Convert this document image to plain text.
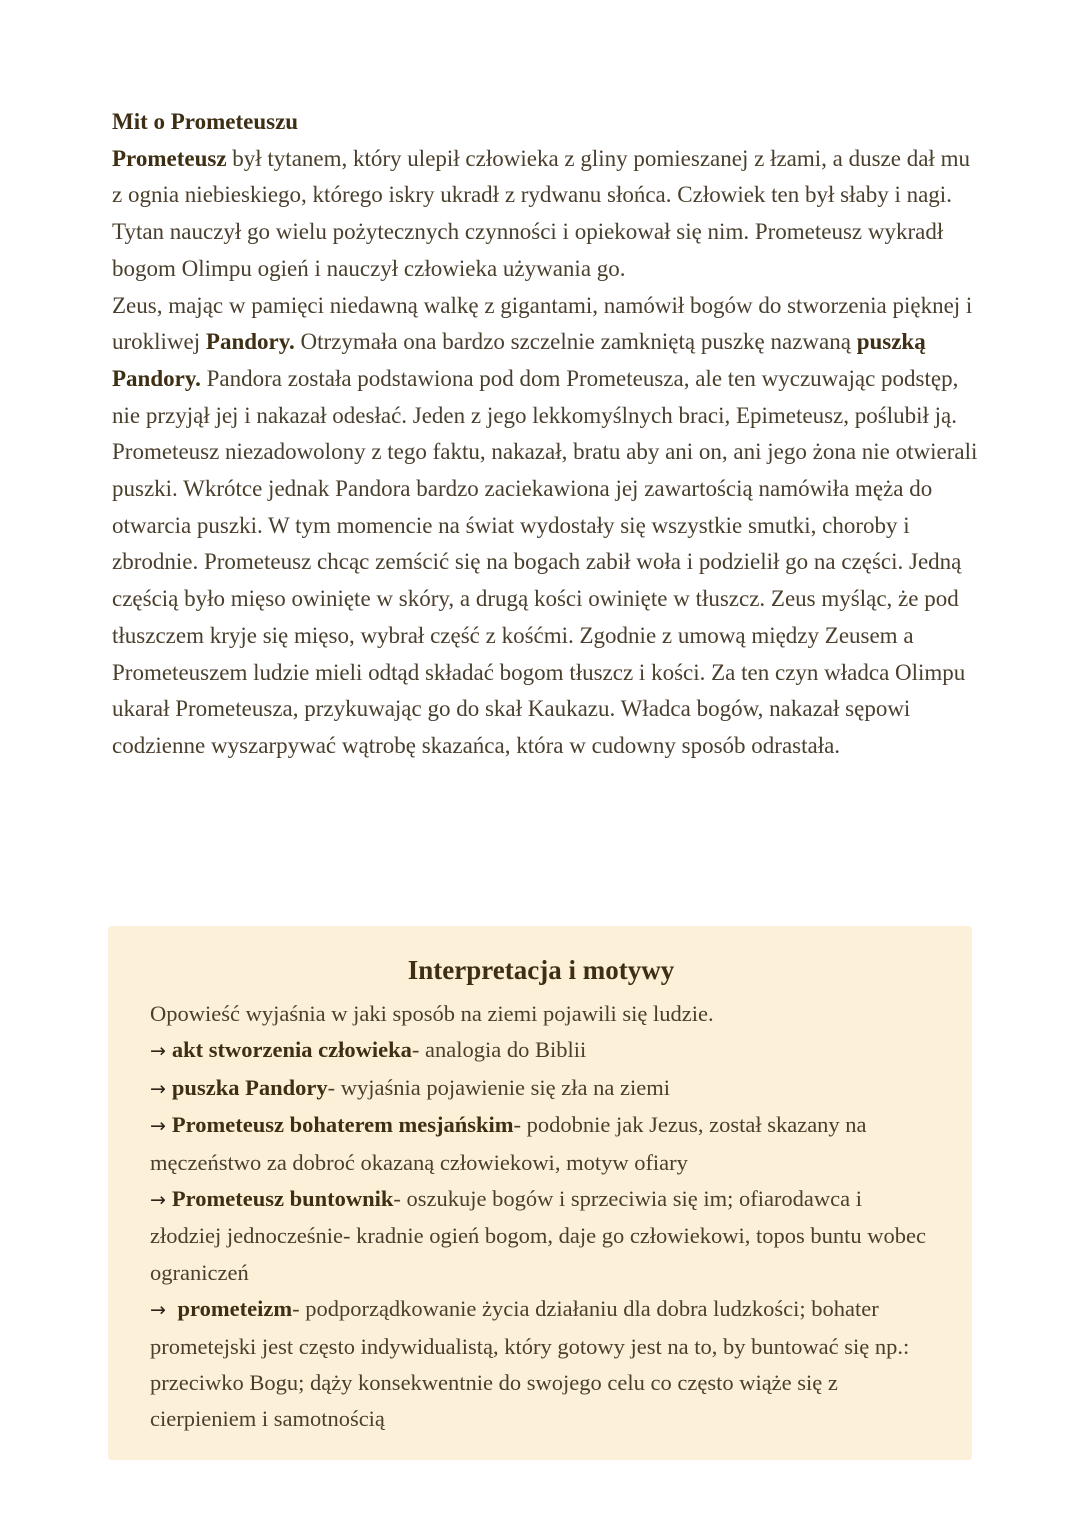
Mit o Prometeuszu

Prometeusz był tytanem, który ulepił człowieka z gliny pomieszanej z łzami, a dusze dał mu z ognia niebieskiego, którego iskry ukradł z rydwanu słońca. Człowiek ten był słaby i nagi. Tytan nauczył go wielu pożytecznych czynności i opiekował się nim. Prometeusz wykradł bogom Olimpu ogień i nauczył człowieka używania go.

Zeus, mając w pamięci niedawną walkę z gigantami, namówił bogów do stworzenia pięknej i urokliwej Pandory. Otrzymała ona bardzo szczelnie zamkniętą puszkę nazwaną puszką Pandory. Pandora została podstawiona pod dom Prometeusza, ale ten wyczuwając podstęp, nie przyjął jej i nakazał odesłać. Jeden z jego lekkomyślnych braci, Epimeteusz, poślubił ją. Prometeusz niezadowolony z tego faktu, nakazał, bratu aby ani on, ani jego żona nie otwierali puszki. Wkrótce jednak Pandora bardzo zaciekawiona jej zawartością namówiła męża do otwarcia puszki. W tym momencie na świat wydostały się wszystkie smutki, choroby i zbrodnie. Prometeusz chcąc zemścić się na bogach zabił woła i podzielił go na części. Jedną częścią było mięso owinięte w skóry, a drugą kości owinięte w tłuszcz. Zeus myśląc, że pod tłuszczem kryje się mięso, wybrał część z kośćmi. Zgodnie z umową między Zeusem a Prometeuszem ludzie mieli odtąd składać bogom tłuszcz i kości. Za ten czyn władca Olimpu ukarał Prometeusza, przykuwając go do skał Kaukazu. Władca bogów, nakazał sępowi codzienne wyszarpywać wątrobę skazańca, która w cudowny sposób odrastała.

Interpretacja i motywy

Opowieść wyjaśnia w jaki sposób na ziemi pojawili się ludzie.

→ akt stworzenia człowieka- analogia do Biblii

→ puszka Pandory- wyjaśnia pojawienie się zła na ziemi

→ Prometeusz bohaterem mesjańskim- podobnie jak Jezus, został skazany na męczeństwo za dobroć okazaną człowiekowi, motyw ofiary

→ Prometeusz buntownik- oszukuje bogów i sprzeciwia się im; ofiarodawca i złodziej jednocześnie- kradnie ogień bogom, daje go człowiekowi, topos buntu wobec ograniczeń

→ prometeizm- podporządkowanie życia działaniu dla dobra ludzkości; bohater prometejski jest często indywidualistą, który gotowy jest na to, by buntować się np.: przeciwko Bogu; dąży konsekwentnie do swojego celu co często wiąże się z cierpieniem i samotnością
